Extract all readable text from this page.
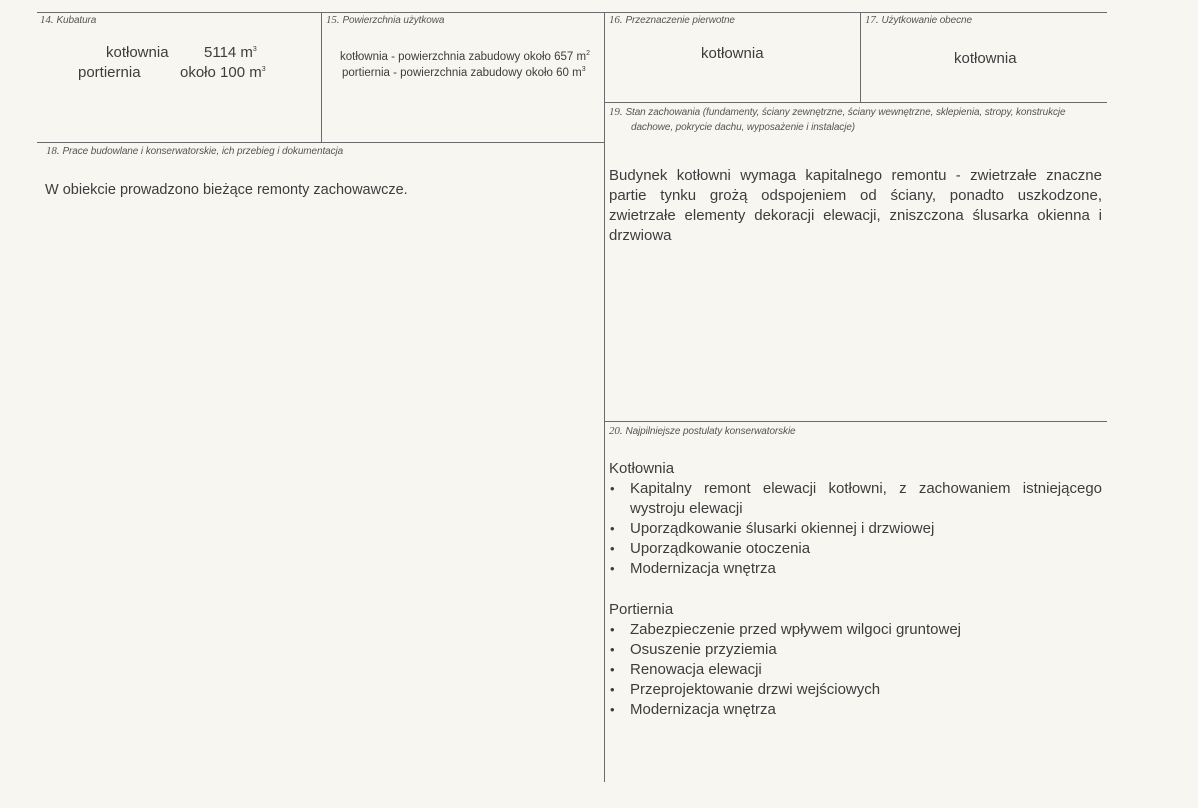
14. Kubatura
kotłownia 5114 $m^3$
portiernia	około 100 $m^3$
15. Powierzchnia użytkowa
kotłownia - powierzchnia zabudowy około 657 $m^2$
portiernia - powierzchnia zabudowy około 60 $m^3$
16. Przeznaczenie pierwotne
kotłownia
17. Użytkowanie obecne
kotłownia
18. Prace budowlane i konserwatorskie, ich przebieg i dokumentacja
W obiekcie prowadzono bieżące remonty zachowawcze.
19. Stan zachowania (fundamenty, ściany zewnętrzne, ściany wewnętrzne, sklepienia, stropy, konstrukcje
dachowe, pokrycie dachu, wyposażenie i instalacje)
Budynek kotłowni wymaga kapitalnego remontu - zwietrzałe znaczne partie tynku grożą odspojeniem od ściany, ponadto uszkodzone, zwietrzałe elementy dekoracji elewacji, zniszczona ślusarka okienna i drzwiowa
20. Najpilniejsze postulaty konserwatorskie
Kotłownia
• Kapitalny remont elewacji kotłowni, z zachowaniem istniejącego wystroju elewacji
• Uporządkowanie ślusarki okiennej i drzwiowej
• Uporządkowanie otoczenia
• Modernizacja wnętrza
Portiernia
• Zabezpieczenie przed wpływem wilgoci gruntowej
• Osuszenie przyziemia
• Renowacja elewacji
• Przeprojektowanie drzwi wejściowych
• Modernizacja wnętrza
